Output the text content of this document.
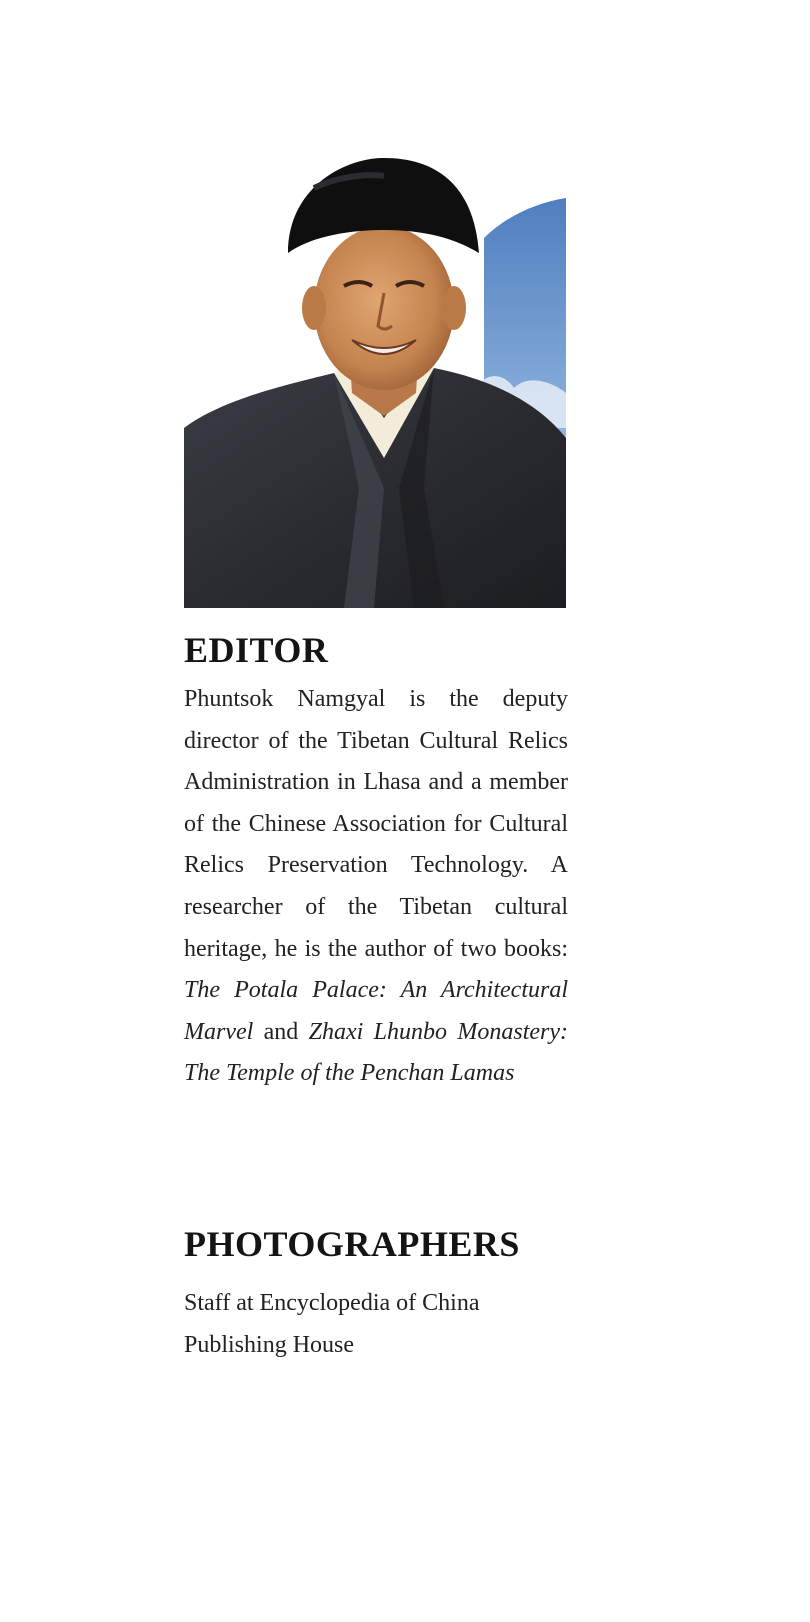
EDITOR

Phuntsok Namgyal is the deputy director of the Tibetan Cultural Relics Administration in Lhasa and a member of the Chinese Association for Cultural Relics Preservation Technology. A researcher of the Tibetan cultural heritage, he is the author of two books: The Potala Palace: An Architectural Marvel and Zhaxi Lhunbo Monastery: The Temple of the Penchan Lamas

PHOTOGRAPHERS

Staff at Encyclopedia of China Publishing House
